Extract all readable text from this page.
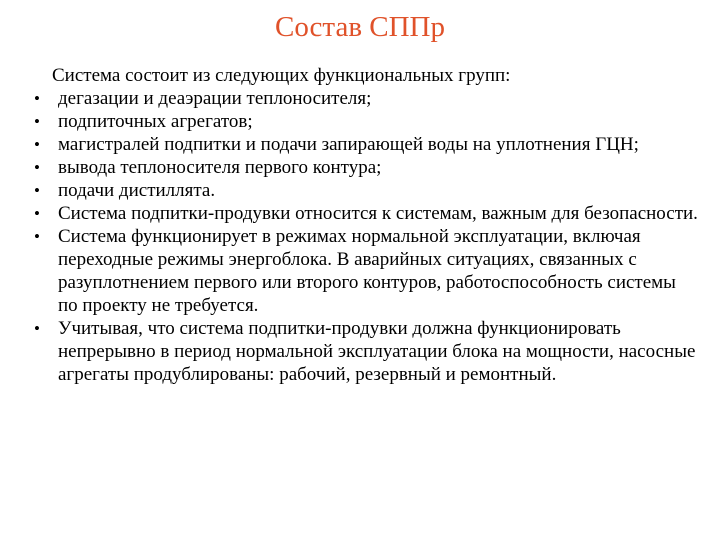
Состав СППр

Система состоит из следующих функциональных групп:

• дегазации и деаэрации теплоносителя;
• подпиточных агрегатов;
• магистралей подпитки и подачи запирающей воды на уплотнения ГЦН;
• вывода теплоносителя первого контура;
• подачи дистиллята.
• Система подпитки-продувки относится к системам, важным для безопасности.
• Система функционирует в режимах нормальной эксплуатации, включая переходные режимы энергоблока. В аварийных ситуациях, связанных с разуплотнением первого или второго контуров, работоспособность системы по проекту не требуется.
• Учитывая, что система подпитки-продувки должна функционировать непрерывно в период нормальной эксплуатации блока на мощности, насосные агрегаты продублированы: рабочий, резервный и ремонтный.
